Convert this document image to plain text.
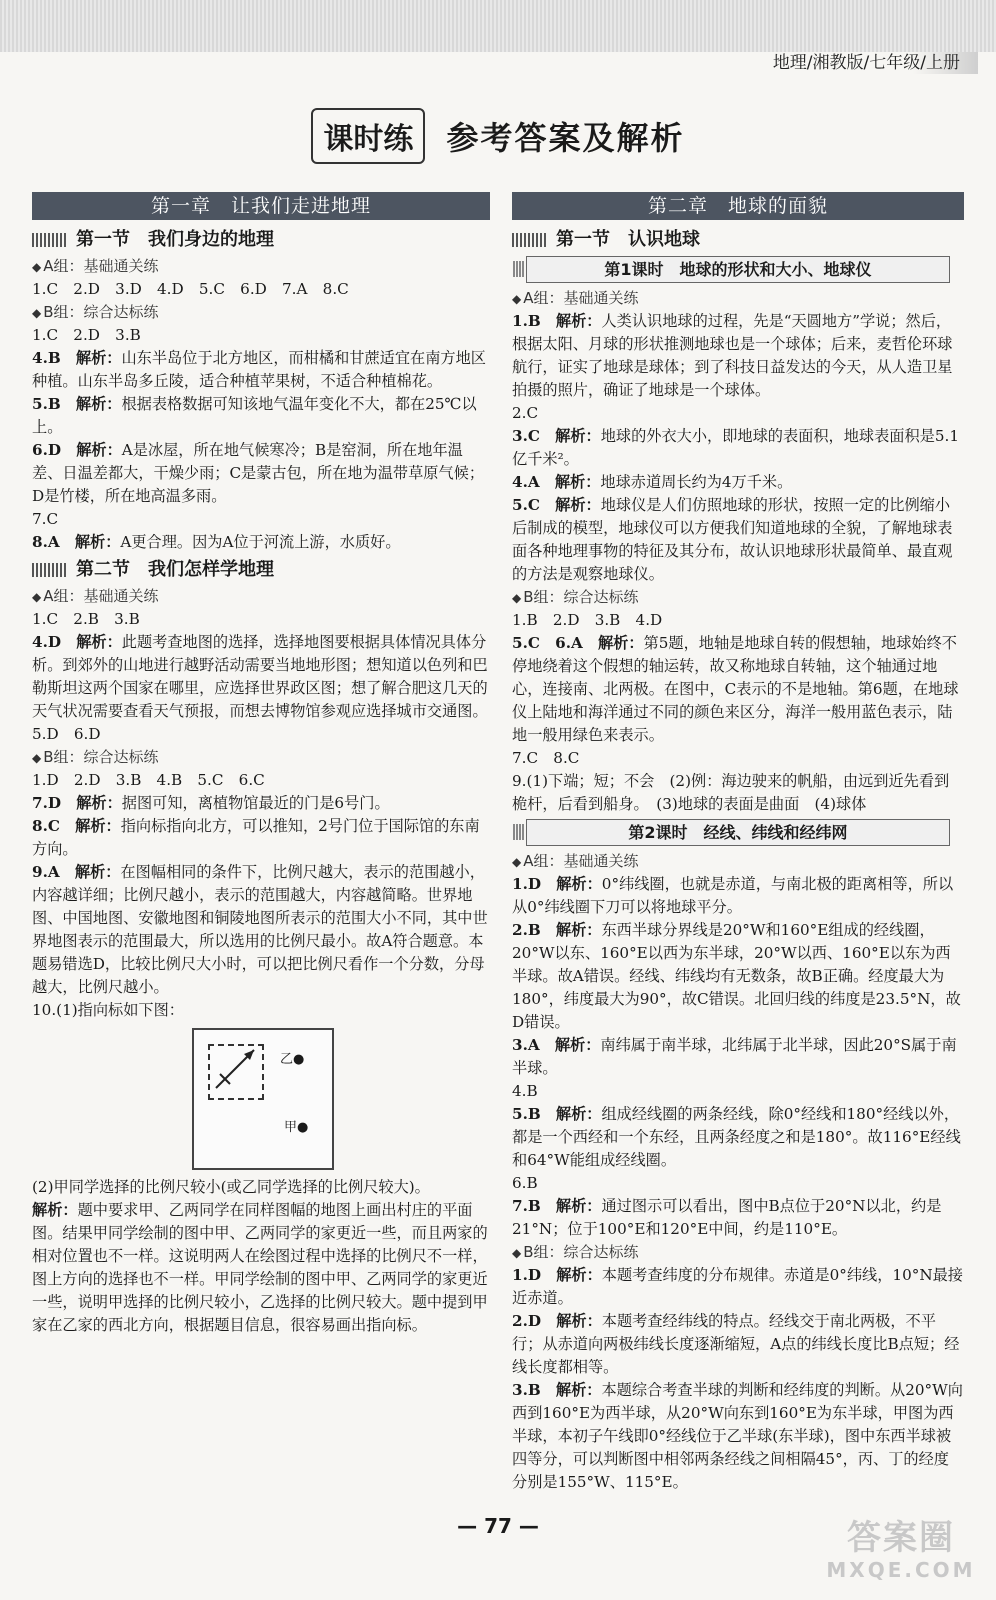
地理/湘教版/七年级/上册
课时练 参考答案及解析
第一章　让我们走进地理
第一节　我们身边的地理
◆ A组：基础通关练
1.C　2.D　3.D　4.D　5.C　6.D　7.A　8.C
◆ B组：综合达标练
1.C　2.D　3.B
4.B　 解析：山东半岛位于北方地区，而柑橘和甘蔗适宜在南方地区种植。山东半岛多丘陵，适合种植苹果树，不适合种植棉花。
5.B　 解析：根据表格数据可知该地气温年变化不大，都在25℃以上。
6.D　 解析：A是冰屋，所在地气候寒冷；B是窑洞，所在地年温差、日温差都大，干燥少雨；C是蒙古包，所在地为温带草原气候；D是竹楼，所在地高温多雨。
7.C
8.A　 解析：A更合理。因为A位于河流上游，水质好。
第二节　我们怎样学地理
◆ A组：基础通关练
1.C　2.B　3.B
4.D　 解析：此题考查地图的选择，选择地图要根据具体情况具体分析。到郊外的山地进行越野活动需要当地地形图；想知道以色列和巴勒斯坦这两个国家在哪里，应选择世界政区图；想了解合肥这几天的天气状况需要查看天气预报，而想去博物馆参观应选择城市交通图。
5.D　6.D
◆ B组：综合达标练
1.D　2.D　3.B　4.B　5.C　6.C
7.D　 解析：据图可知，离植物馆最近的门是6号门。
8.C　 解析：指向标指向北方，可以推知，2号门位于国际馆的东南方向。
9.A　 解析：在图幅相同的条件下，比例尺越大，表示的范围越小，内容越详细；比例尺越小，表示的范围越大，内容越简略。世界地图、中国地图、安徽地图和铜陵地图所表示的范围大小不同，其中世界地图表示的范围最大，所以选用的比例尺最小。故A符合题意。本题易错选D，比较比例尺大小时，可以把比例尺看作一个分数，分母越大，比例尺越小。
10.(1)指向标如下图：
乙●
甲●
(2)甲同学选择的比例尺较小(或乙同学选择的比例尺较大)。
解析：题中要求甲、乙两同学在同样图幅的地图上画出村庄的平面图。结果甲同学绘制的图中甲、乙两同学的家更近一些，而且两家的相对位置也不一样。这说明两人在绘图过程中选择的比例尺不一样，图上方向的选择也不一样。甲同学绘制的图中甲、乙两同学的家更近一些，说明甲选择的比例尺较小，乙选择的比例尺较大。题中提到甲家在乙家的西北方向，根据题目信息，很容易画出指向标。
第二章　地球的面貌
第一节　认识地球
第1课时　地球的形状和大小、地球仪
◆ A组：基础通关练
1.B　 解析：人类认识地球的过程，先是“天圆地方”学说；然后，根据太阳、月球的形状推测地球也是一个球体；后来，麦哲伦环球航行，证实了地球是球体；到了科技日益发达的今天，从人造卫星拍摄的照片，确证了地球是一个球体。
2.C
3.C　 解析：地球的外衣大小，即地球的表面积，地球表面积是5.1亿千米²。
4.A　 解析：地球赤道周长约为4万千米。
5.C　 解析：地球仪是人们仿照地球的形状，按照一定的比例缩小后制成的模型，地球仪可以方便我们知道地球的全貌，了解地球表面各种地理事物的特征及其分布，故认识地球形状最简单、最直观的方法是观察地球仪。
◆ B组：综合达标练
1.B　2.D　3.B　4.D
5.C　6.A　 解析：第5题，地轴是地球自转的假想轴，地球始终不停地绕着这个假想的轴运转，故又称地球自转轴，这个轴通过地心，连接南、北两极。在图中，C表示的不是地轴。第6题，在地球仪上陆地和海洋通过不同的颜色来区分，海洋一般用蓝色表示，陆地一般用绿色来表示。
7.C　8.C
9.(1)下端；短；不会　(2)例：海边驶来的帆船，由远到近先看到桅杆，后看到船身。　(3)地球的表面是曲面　(4)球体
第2课时　经线、纬线和经纬网
◆ A组：基础通关练
1.D　 解析：0°纬线圈，也就是赤道，与南北极的距离相等，所以从0°纬线圈下刀可以将地球平分。
2.B　 解析：东西半球分界线是20°W和160°E组成的经线圈，20°W以东、160°E以西为东半球，20°W以西、160°E以东为西半球。故A错误。经线、纬线均有无数条，故B正确。经度最大为180°，纬度最大为90°，故C错误。北回归线的纬度是23.5°N，故D错误。
3.A　 解析：南纬属于南半球，北纬属于北半球，因此20°S属于南半球。
4.B
5.B　 解析：组成经线圈的两条经线，除0°经线和180°经线以外，都是一个西经和一个东经，且两条经度之和是180°。故116°E经线和64°W能组成经线圈。
6.B
7.B　 解析：通过图示可以看出，图中B点位于20°N以北，约是21°N；位于100°E和120°E中间，约是110°E。
◆ B组：综合达标练
1.D　 解析：本题考查纬度的分布规律。赤道是0°纬线，10°N最接近赤道。
2.D　 解析：本题考查经纬线的特点。经线交于南北两极，不平行；从赤道向两极纬线长度逐渐缩短，A点的纬线长度比B点短；经线长度都相等。
3.B　 解析：本题综合考查半球的判断和经纬度的判断。从20°W向西到160°E为西半球，从20°W向东到160°E为东半球，甲图为西半球，本初子午线即0°经线位于乙半球(东半球)，图中东西半球被四等分，可以判断图中相邻两条经线之间相隔45°，丙、丁的经度分别是155°W、115°E。
— 77 —	答案圈
MXQE.COM
